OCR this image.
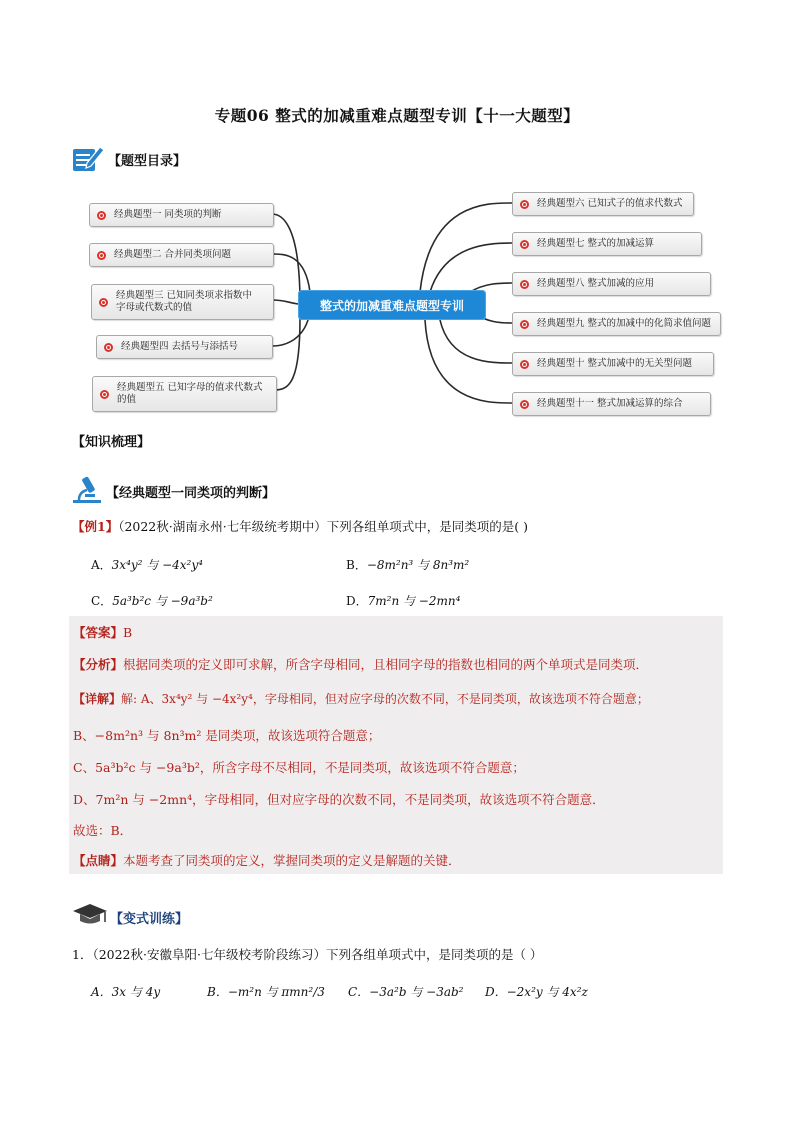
专题06 整式的加减重难点题型专训【十一大题型】
【题型目录】
经典题型一 同类项的判断
经典题型二 合并同类项问题
经典题型三 已知同类项求指数中字母或代数式的值
经典题型四 去括号与添括号
经典题型五 已知字母的值求代数式的值
整式的加减重难点题型专训
经典题型六 已知式子的值求代数式
经典题型七 整式的加减运算
经典题型八 整式加减的应用
经典题型九 整式的加减中的化简求值问题
经典题型十 整式加减中的无关型问题
经典题型十一 整式加减运算的综合
【知识梳理】
【经典题型一同类项的判断】
【例1】（2022秋·湖南永州·七年级统考期中）下列各组单项式中，是同类项的是( )
A．3x⁴y² 与 −4x²y⁴	B．−8m²n³ 与 8n³m²
C．5a³b²c 与 −9a³b²	D．7m²n 与 −2mn⁴
【答案】B
【分析】根据同类项的定义即可求解，所含字母相同，且相同字母的指数也相同的两个单项式是同类项．
【详解】解: A、3x⁴y² 与 −4x²y⁴，字母相同，但对应字母的次数不同，不是同类项，故该选项不符合题意；
B、−8m²n³ 与 8n³m² 是同类项，故该选项符合题意；
C、5a³b²c 与 −9a³b²，所含字母不尽相同，不是同类项，故该选项不符合题意；
D、7m²n 与 −2mn⁴，字母相同，但对应字母的次数不同，不是同类项，故该选项不符合题意．
故选：B．
【点睛】本题考查了同类项的定义，掌握同类项的定义是解题的关键．
【变式训练】
1．（2022秋·安徽阜阳·七年级校考阶段练习）下列各组单项式中，是同类项的是（ ）
A．3x 与 4y	B．−m²n 与 πmn²/3 C．−3a²b 与 −3ab² D．−2x²y 与 4x²z
